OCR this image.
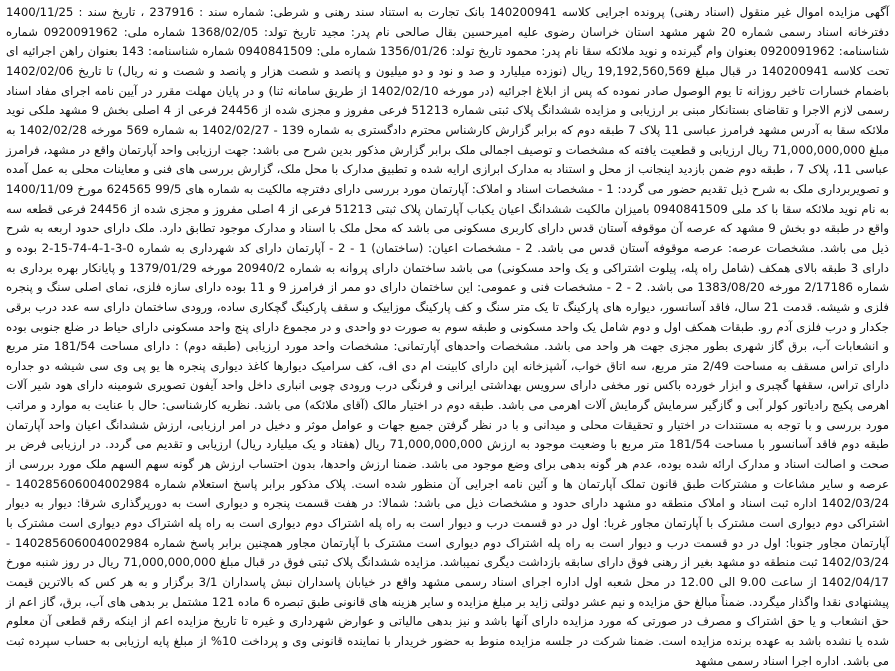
آگهی مزایده اموال غیر منقول (اسناد رهنی) پرونده اجرایی کلاسه 140200941 بانک تجارت به استناد سند رهنی و شرطی: شماره سند : 237916 ، تاریخ سند : 1400/11/25 دفترخانه اسناد رسمی شماره 20 شهر مشهد استان خراسان رضوی علیه امیرحسین بقال صالحی نام پدر: مجید تاریخ تولد: 1368/02/05 شماره ملی: 0920091962 شماره شناسنامه: 0920091962 بعنوان وام گیرنده و نوید ملائکه سقا نام پدر: محمود تاریخ تولد: 1356/01/26 شماره ملی: 0940841509 شماره شناسنامه: 143 بعنوان راهن اجرائیه ای تحت کلاسه 140200941 در قبال مبلغ 19,192,560,569 ریال (نوزده میلیارد و صد و نود و دو میلیون و پانصد و شصت هزار و پانصد و شصت و نه ریال) تا تاریخ 1402/02/06 باضمام خسارات تاخیر روزانه تا یوم الوصول صادر نموده که پس از ابلاغ اجرائیه (در مورخه 1402/02/10 از طریق سامانه ثنا) و در پایان مهلت مقرر در آیین نامه اجرای مفاد اسناد رسمی لازم الاجرا و تقاضای بستانکار مبنی بر ارزیابی و مزایده ششدانگ پلاک ثبتی شماره 51213 فرعی مفروز و مجزی شده از 24456 فرعی از 4 اصلی بخش 9 مشهد ملکی نوید ملائکه سقا به آدرس مشهد فرامرز عباسی 11 پلاک 7 طبقه دوم که برابر گزارش کارشناس محترم دادگستری به شماره 139 - 1402/02/27 به شماره 569 مورخه 1402/02/28 به مبلغ 71,000,000,000 ریال ارزیابی و قطعیت یافته که مشخصات و توصیف اجمالی ملک برابر گزارش مذکور بدین شرح می باشد: جهت ارزیابی واحد آپارتمان واقع در مشهد، فرامرز عباسی 11، پلاک 7 ، طبقه دوم ضمن بازدید اینجانب از محل و استناد به مدارک ابرازی ارایه شده و تطبیق مدارک با محل ملک، گزارش بررسی های فنی و معاینات محلی به عمل آمده و تصویربرداری ملک به شرح ذیل تقدیم حضور می گردد: 1 - مشخصات اسناد و املاک: آپارتمان مورد بررسی دارای دفترچه مالکیت به شماره های 99/5 624565 مورخ 1400/11/09 به نام نوید ملائکه سقا با کد ملی 0940841509 بامیزان مالکیت ششدانگ اعیان یکباب آپارتمان پلاک ثبتی 51213 فرعی از 4 اصلی مفروز و مجزی شده از 24456 فرعی قطعه سه واقع در طبقه دو بخش 9 مشهد که عرصه آن موقوفه آستان قدس دارای کاربری مسکونی می باشد که محل ملک با اسناد و مدارک موجود تطابق دارد. ملک دارای حدود اربعه به شرح ذیل می باشد. مشخصات عرصه: عرصه موقوفه آستان قدس می باشد. 2 - مشخصات اعیان: (ساختمان) 1 - 2 - آپارتمان دارای کد شهرداری به شماره 0-3-1-4-74-15-2 بوده و دارای 3 طبقه بالای همکف (شامل راه پله، پیلوت اشتراکی و یک واحد مسکونی) می باشد ساختمان دارای پروانه به شماره 20940/2 مورخه 1379/01/29 و پایانکار بهره برداری به شماره 2/17186 مورخه 1383/08/20 می باشد. 2 - 2 - مشخصات فنی و عمومی: این ساختمان دارای دو ممر از فرامرز 9 و 11 بوده دارای سازه فلزی، نمای اصلی سنگ و پنجره فلزی و شیشه. قدمت 21 سال، فاقد آسانسور، دیواره های پارکینگ تا یک متر سنگ و کف پارکینگ موزاییک و سقف پارکینگ گچکاری ساده، ورودی ساختمان دارای سه عدد درب برقی جکدار و درب فلزی آدم رو. طبقات همکف اول و دوم شامل یک واحد مسکونی و طبقه سوم به صورت دو واحدی و در مجموع دارای پنج واحد مسکونی دارای حیاط در ضلع جنوبی بوده و انشعابات آب، برق گاز شهری بطور مجزی جهت هر واحد می باشد. مشخصات واحدهای آپارتمانی: مشخصات واحد مورد ارزیابی (طبقه دوم) : دارای مساحت 181/54 متر مربع دارای تراس مسقف به مساحت 2/49 متر مربع، سه اتاق خواب، آشپزخانه اپن دارای کابینت ام دی اف، کف سرامیک دیوارها کاغذ دیواری پنجره ها یو پی وی سی شیشه دو جداره دارای تراس، سقفها گچبری و ابزار خورده باکس نور مخفی دارای سرویس بهداشتی ایرانی و فرنگی درب ورودی چوبی انباری داخل واحد آیفون تصویری شومینه دارای هود شیر آلات اهرمی پکیج رادیاتور کولر آبی و گازگیر سرمایش گرمایش آلات اهرمی می باشد. طبقه دوم در اختیار مالک (آقای ملائکه) می باشد. نظریه کارشناسی: حال با عنایت به موارد و مراتب مورد بررسی و با توجه به مستندات در اختیار و تحقیقات محلی و میدانی و با در نظر گرفتن جمیع جهات و عوامل موثر و دخیل در امر ارزیابی، ارزش ششدانگ اعیان واحد آپارتمان طبقه دوم فاقد آسانسور با مساحت 181/54 متر مربع با وضعیت موجود به ارزش 71,000,000,000 ریال (هفتاد و یک میلیارد ریال) ارزیابی و تقدیم می گردد. در ارزیابی فرض بر صحت و اصالت اسناد و مدارک ارائه شده بوده، عدم هر گونه بدهی برای وضع موجود می باشد. ضمنا ارزش واحدها، بدون احتساب ارزش هر گونه سهم السهم ملک مورد بررسی از عرصه و سایر مشاعات و مشترکات طبق قانون تملک آپارتمان ها و آئین نامه اجرایی آن منظور شده است. پلاک مذکور برابر پاسخ استعلام شماره 140285606004002984 - 1402/03/24 اداره ثبت اسناد و املاک منطقه دو مشهد دارای حدود و مشخصات ذیل می باشد: شمالا: در هفت قسمت پنجره و دیواری است به دورپرگذاری شرقا: دیوار به دیوار اشتراکی دوم دیواری است مشترک با آپارتمان مجاور غربا: اول در دو قسمت درب و دیوار است به راه پله اشتراک دوم دیواری است به راه پله اشتراک دوم دیواری است مشترک با آپارتمان مجاور جنوبا: اول در دو قسمت درب و دیوار است به راه پله اشتراک دوم دیواری است مشترک با آپارتمان مجاور همچنین برابر پاسخ شماره 140285606004002984 - 1402/03/24 ثبت منطقه دو مشهد بغیر از رهنی فوق دارای سابقه بازداشت دیگری نمیباشد. مزایده ششدانگ پلاک ثبتی فوق در قبال مبلغ 71,000,000,000 ریال در روز شنبه مورخ 1402/04/17 از ساعت 9.00 الی 12.00 در محل شعبه اول اداره اجرای اسناد رسمی مشهد واقع در خیابان پاسداران نبش پاسداران 3/1 برگزار و به هر کس که بالاترین قیمت پیشنهادی نقدا واگذار میگردد. ضمناً مبالغ حق مزایده و نیم عشر دولتی زاید بر مبلغ مزایده و سایر هزینه های قانونی طبق تبصره 6 ماده 121 مشتمل بر بدهی های آب، برق، گاز اعم از حق انشعاب و یا حق اشتراک و مصرف در صورتی که مورد مزایده دارای آنها باشد و نیز بدهی مالیاتی و عوارض شهرداری و غیره تا تاریخ مزایده اعم از اینکه رقم قطعی آن معلوم شده یا نشده باشد به عهده برنده مزایده است. ضمنا شرکت در جلسه مزایده منوط به حضور خریدار با نماینده قانونی وی و پرداخت 10% از مبلغ پایه ارزیابی به حساب سپرده ثبت می باشد. اداره اجرا اسناد رسمی مشهد
